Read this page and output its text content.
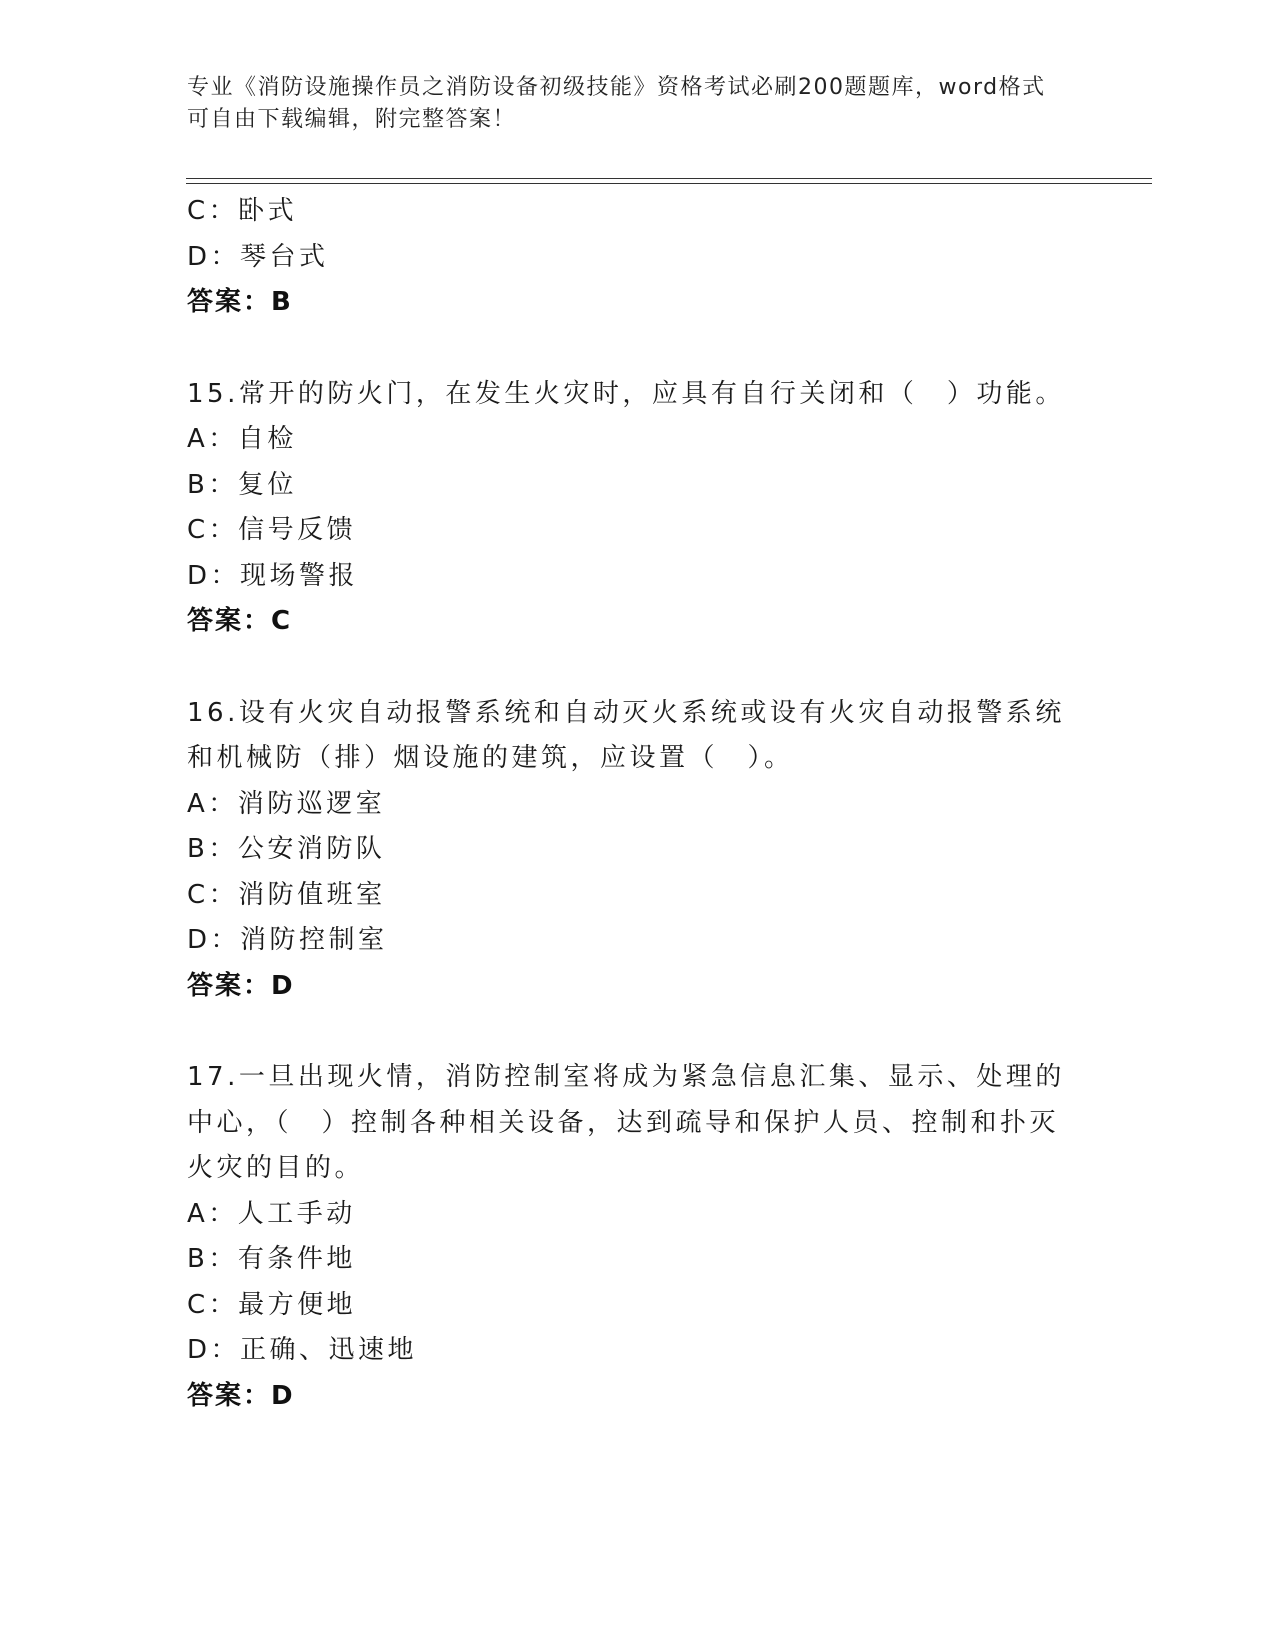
专业《消防设施操作员之消防设备初级技能》资格考试必刷200题题库，word格式可自由下载编辑，附完整答案！
C：卧式
D：琴台式
答案：B
15.常开的防火门，在发生火灾时，应具有自行关闭和（　）功能。
A：自检
B：复位
C：信号反馈
D：现场警报
答案：C
16.设有火灾自动报警系统和自动灭火系统或设有火灾自动报警系统和机械防（排）烟设施的建筑，应设置（　）。
A：消防巡逻室
B：公安消防队
C：消防值班室
D：消防控制室
答案：D
17.一旦出现火情，消防控制室将成为紧急信息汇集、显示、处理的中心，（　）控制各种相关设备，达到疏导和保护人员、控制和扑灭火灾的目的。
A：人工手动
B：有条件地
C：最方便地
D：正确、迅速地
答案：D
